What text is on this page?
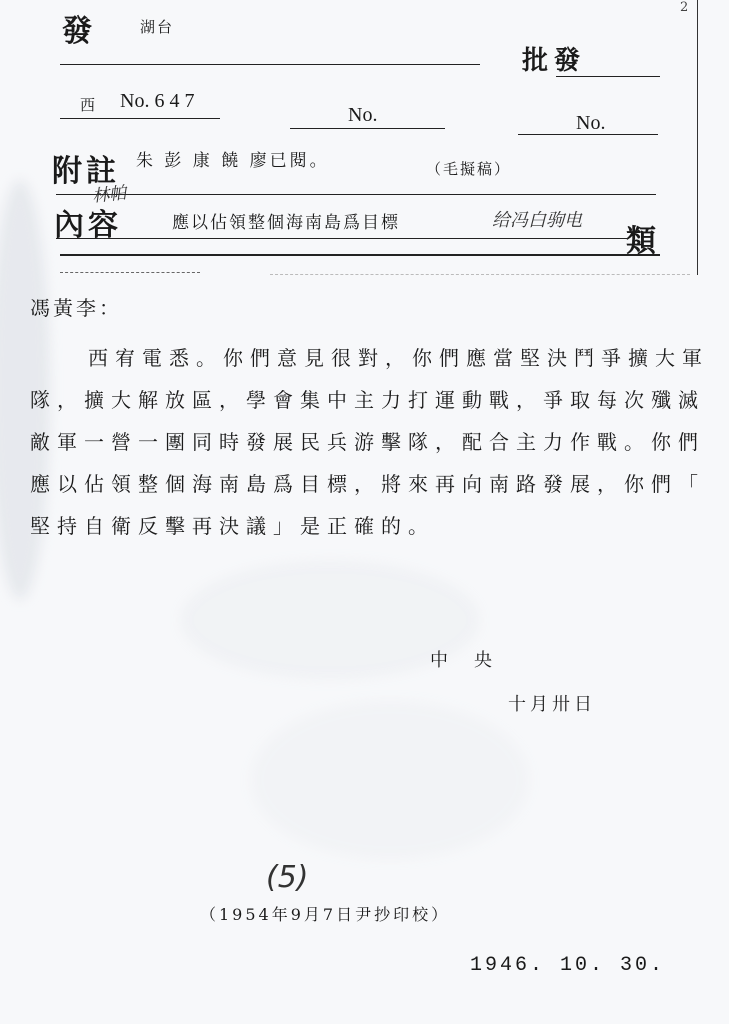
發	湖台
2
批發
西 No. 6 4 7
No.	No.
附註 朱 彭 康 饒 廖已閱。	（毛擬稿）
林帕
內容	應以佔領整個海南島爲目標	给冯白驹电
類
馮黃李：
西宥電悉。你們意見很對，你們應當堅決鬥爭擴大軍
隊，擴大解放區，學會集中主力打運動戰，爭取每次殲滅
敵軍一營一團同時發展民兵游擊隊，配合主力作戰。你們
應以佔領整個海南島爲目標，將來再向南路發展，你們「
堅持自衛反擊再決議」是正確的。
中　央
十月卅日
(5)
（1954年9月7日尹抄印校）
1946. 10. 30.
